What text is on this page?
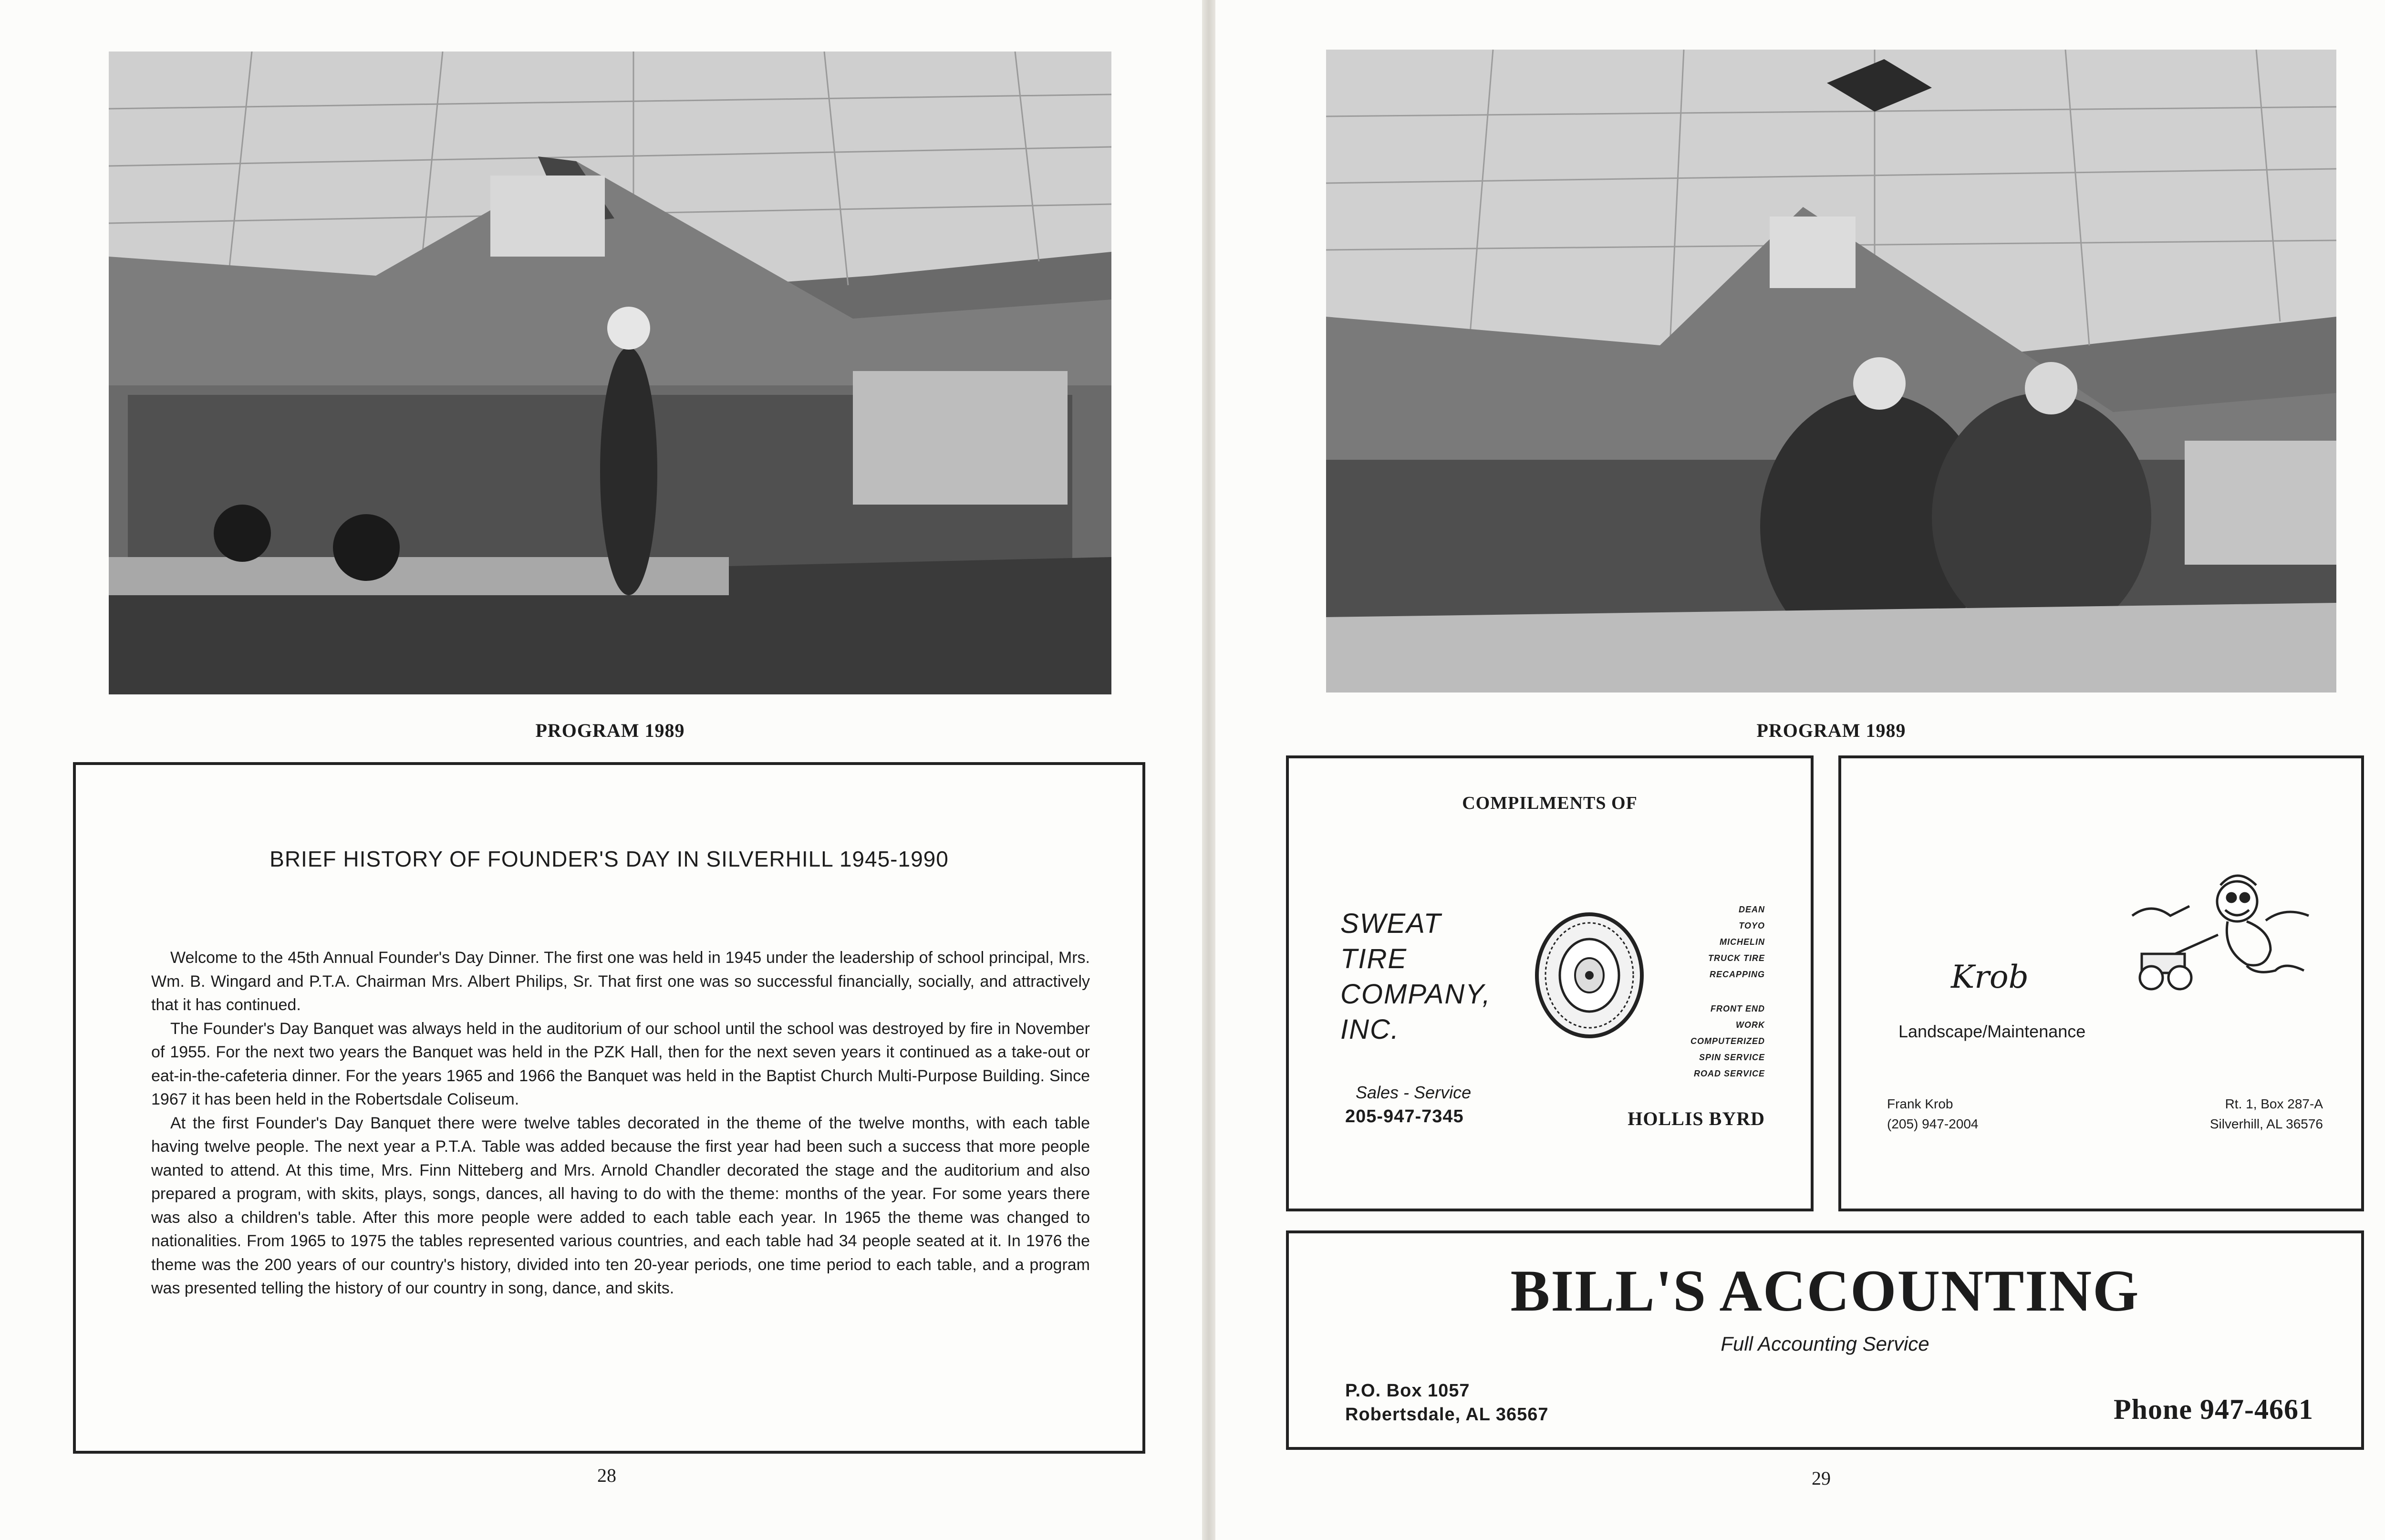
PROGRAM 1989
BRIEF HISTORY OF FOUNDER'S DAY IN SILVERHILL 1945-1990

Welcome to the 45th Annual Founder's Day Dinner. The first one was held in 1945 under the leadership of school principal, Mrs. Wm. B. Wingard and P.T.A. Chairman Mrs. Albert Philips, Sr. That first one was so successful financially, socially, and attractively that it has continued.

The Founder's Day Banquet was always held in the auditorium of our school until the school was destroyed by fire in November of 1955. For the next two years the Banquet was held in the PZK Hall, then for the next seven years it continued as a take-out or eat-in-the-cafeteria dinner. For the years 1965 and 1966 the Banquet was held in the Baptist Church Multi-Purpose Building. Since 1967 it has been held in the Robertsdale Coliseum.

At the first Founder's Day Banquet there were twelve tables decorated in the theme of the twelve months, with each table having twelve people. The next year a P.T.A. Table was added because the first year had been such a success that more people wanted to attend. At this time, Mrs. Finn Nitteberg and Mrs. Arnold Chandler decorated the stage and the auditorium and also prepared a program, with skits, plays, songs, dances, all having to do with the theme: months of the year. For some years there was also a children's table. After this more people were added to each table each year. In 1965 the theme was changed to nationalities. From 1965 to 1975 the tables represented various countries, and each table had 34 people seated at it. In 1976 the theme was the 200 years of our country's history, divided into ten 20-year periods, one time period to each table, and a program was presented telling the history of our country in song, dance, and skits.

28
PROGRAM 1989
COMPILMENTS OF
SWEAT
TIRE
COMPANY,
INC.
DEAN
TOYO
MICHELIN
TRUCK TIRE
RECAPPING
FRONT END
WORK
COMPUTERIZED
SPIN SERVICE
ROAD SERVICE
Sales - Service
205-947-7345	HOLLIS BYRD
Krob
Landscape/Maintenance
Frank Krob
(205) 947-2004
Rt. 1, Box 287-A
Silverhill, AL 36576
BILL'S ACCOUNTING
Full Accounting Service
P.O. Box 1057
Robertsdale, AL 36567	Phone 947-4661
29
